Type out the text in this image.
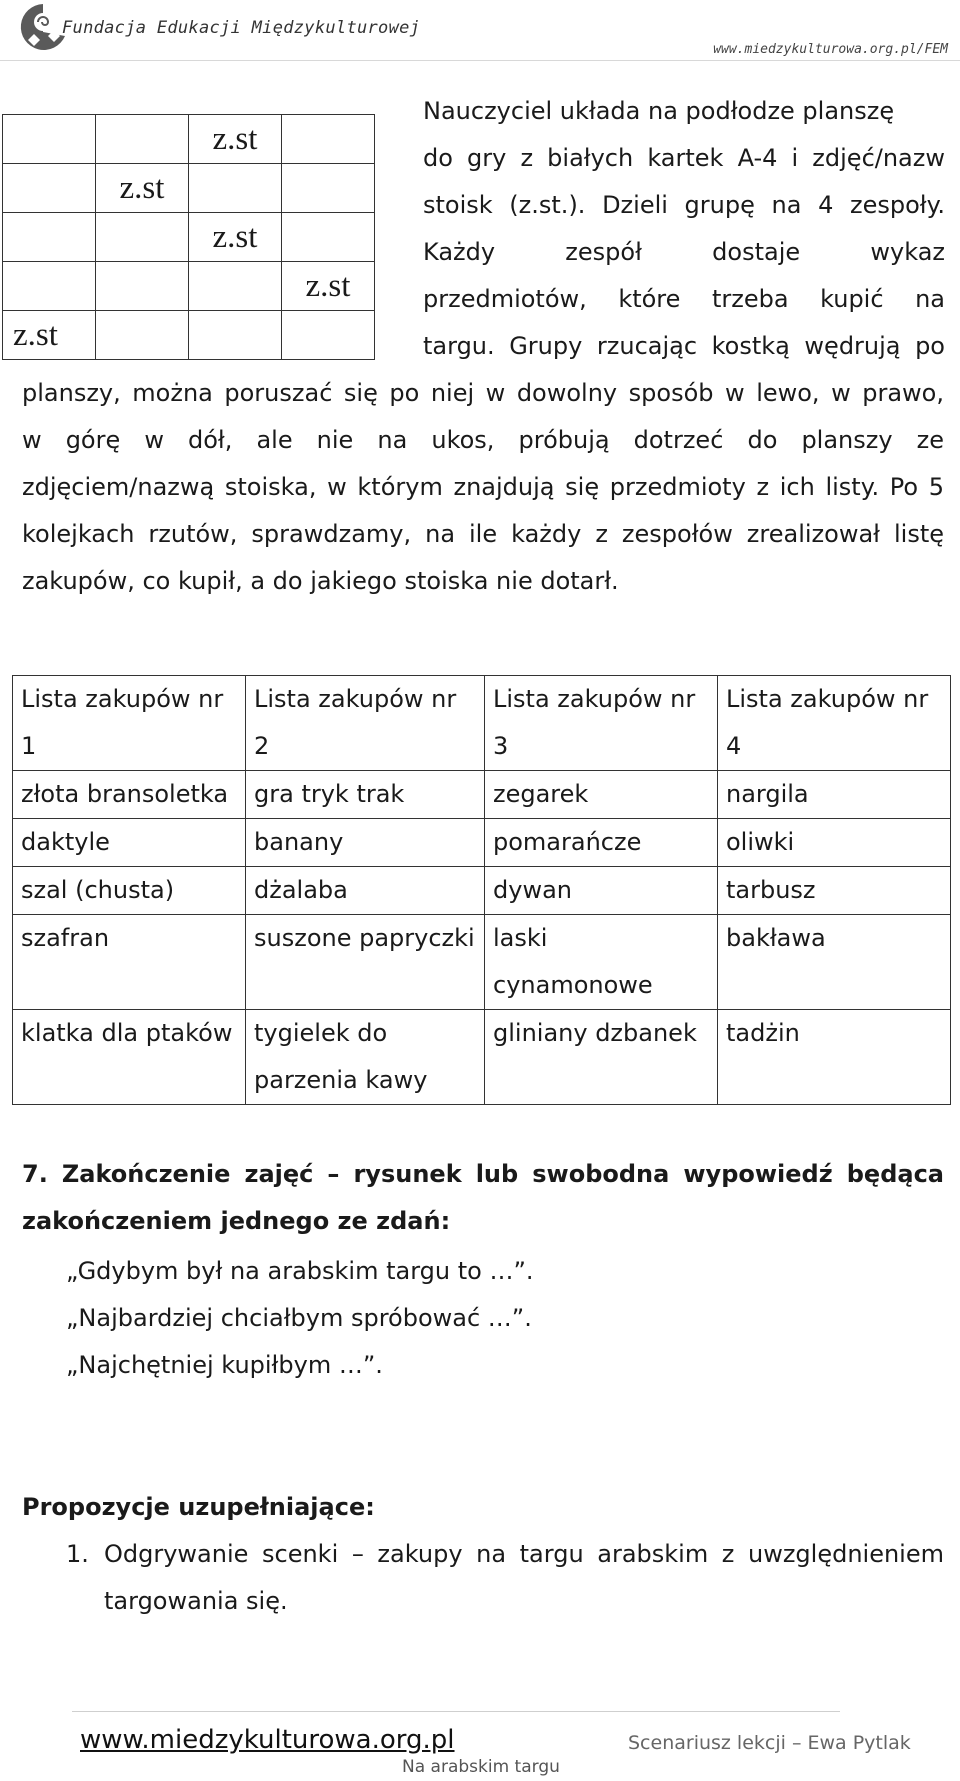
Fundacja Edukacji Międzykulturowej
www.miedzykulturowa.org.pl/FEM
		z.st	
	z.st		
		z.st	
			z.st
z.st			
Nauczyciel układa na podłodze planszę
do gry z białych kartek A-4 i zdjęć/nazw
stoisk (z.st.). Dzieli grupę na 4 zespoły.
Każdy zespół dostaje wykaz
przedmiotów, które trzeba kupić na
targu. Grupy rzucając kostką wędrują po
planszy, można poruszać się po niej w dowolny sposób w lewo, w prawo,
w górę w dół, ale nie na ukos, próbują dotrzeć do planszy ze
zdjęciem/nazwą stoiska, w którym znajdują się przedmioty z ich listy. Po 5
kolejkach rzutów, sprawdzamy, na ile każdy z zespołów zrealizował listę
zakupów, co kupił, a do jakiego stoiska nie dotarł.
Lista zakupów nr 1	Lista zakupów nr 2	Lista zakupów nr 3	Lista zakupów nr 4
złota bransoletka	gra tryk trak	zegarek	nargila
daktyle	banany	pomarańcze	oliwki
szal (chusta)	dżalaba	dywan	tarbusz
szafran	suszone papryczki	laski cynamonowe	bakława
klatka dla ptaków	tygielek do parzenia kawy	gliniany dzbanek	tadżin
7. Zakończenie zajęć – rysunek lub swobodna wypowiedź będąca
zakończeniem jednego ze zdań:
„Gdybym był na arabskim targu to …”.
„Najbardziej chciałbym spróbować …”.
„Najchętniej kupiłbym …”.
Propozycje uzupełniające:
1. Odgrywanie scenki – zakupy na targu arabskim z uwzględnieniem
targowania się.
www.miedzykulturowa.org.pl	Scenariusz lekcji – Ewa Pytlak
Na arabskim targu
